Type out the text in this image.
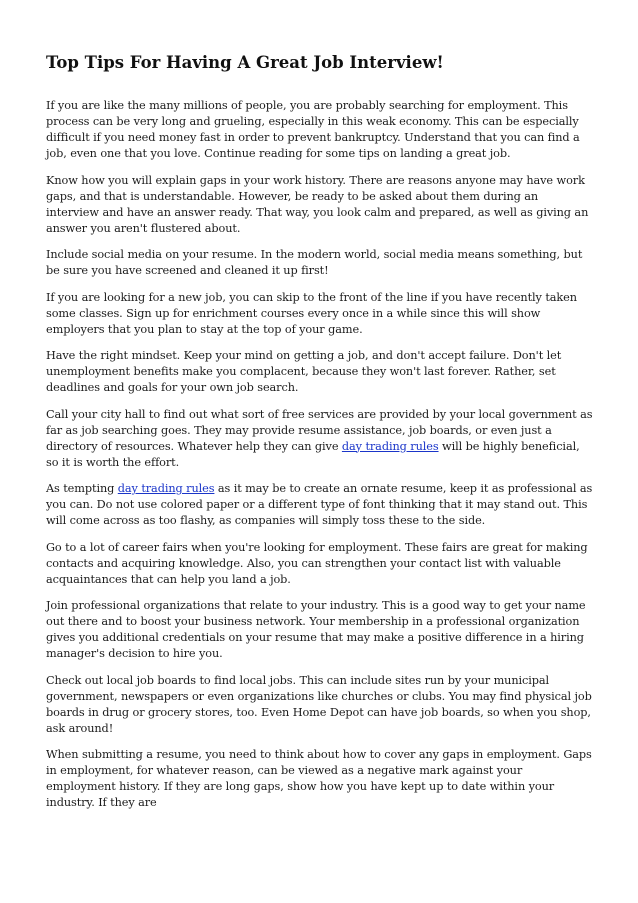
Top Tips For Having A Great Job Interview!

If you are like the many millions of people, you are probably searching for employment. This process can be very long and grueling, especially in this weak economy. This can be especially difficult if you need money fast in order to prevent bankruptcy. Understand that you can find a job, even one that you love. Continue reading for some tips on landing a great job.

Know how you will explain gaps in your work history. There are reasons anyone may have work gaps, and that is understandable. However, be ready to be asked about them during an interview and have an answer ready. That way, you look calm and prepared, as well as giving an answer you aren't flustered about.

Include social media on your resume. In the modern world, social media means something, but be sure you have screened and cleaned it up first!

If you are looking for a new job, you can skip to the front of the line if you have recently taken some classes. Sign up for enrichment courses every once in a while since this will show employers that you plan to stay at the top of your game.

Have the right mindset. Keep your mind on getting a job, and don't accept failure. Don't let unemployment benefits make you complacent, because they won't last forever. Rather, set deadlines and goals for your own job search.

Call your city hall to find out what sort of free services are provided by your local government as far as job searching goes. They may provide resume assistance, job boards, or even just a directory of resources. Whatever help they can give day trading rules will be highly beneficial, so it is worth the effort.

As tempting day trading rules as it may be to create an ornate resume, keep it as professional as you can. Do not use colored paper or a different type of font thinking that it may stand out. This will come across as too flashy, as companies will simply toss these to the side.

Go to a lot of career fairs when you're looking for employment. These fairs are great for making contacts and acquiring knowledge. Also, you can strengthen your contact list with valuable acquaintances that can help you land a job.

Join professional organizations that relate to your industry. This is a good way to get your name out there and to boost your business network. Your membership in a professional organization gives you additional credentials on your resume that may make a positive difference in a hiring manager's decision to hire you.

Check out local job boards to find local jobs. This can include sites run by your municipal government, newspapers or even organizations like churches or clubs. You may find physical job boards in drug or grocery stores, too. Even Home Depot can have job boards, so when you shop, ask around!

When submitting a resume, you need to think about how to cover any gaps in employment. Gaps in employment, for whatever reason, can be viewed as a negative mark against your employment history. If they are long gaps, show how you have kept up to date within your industry. If they are
